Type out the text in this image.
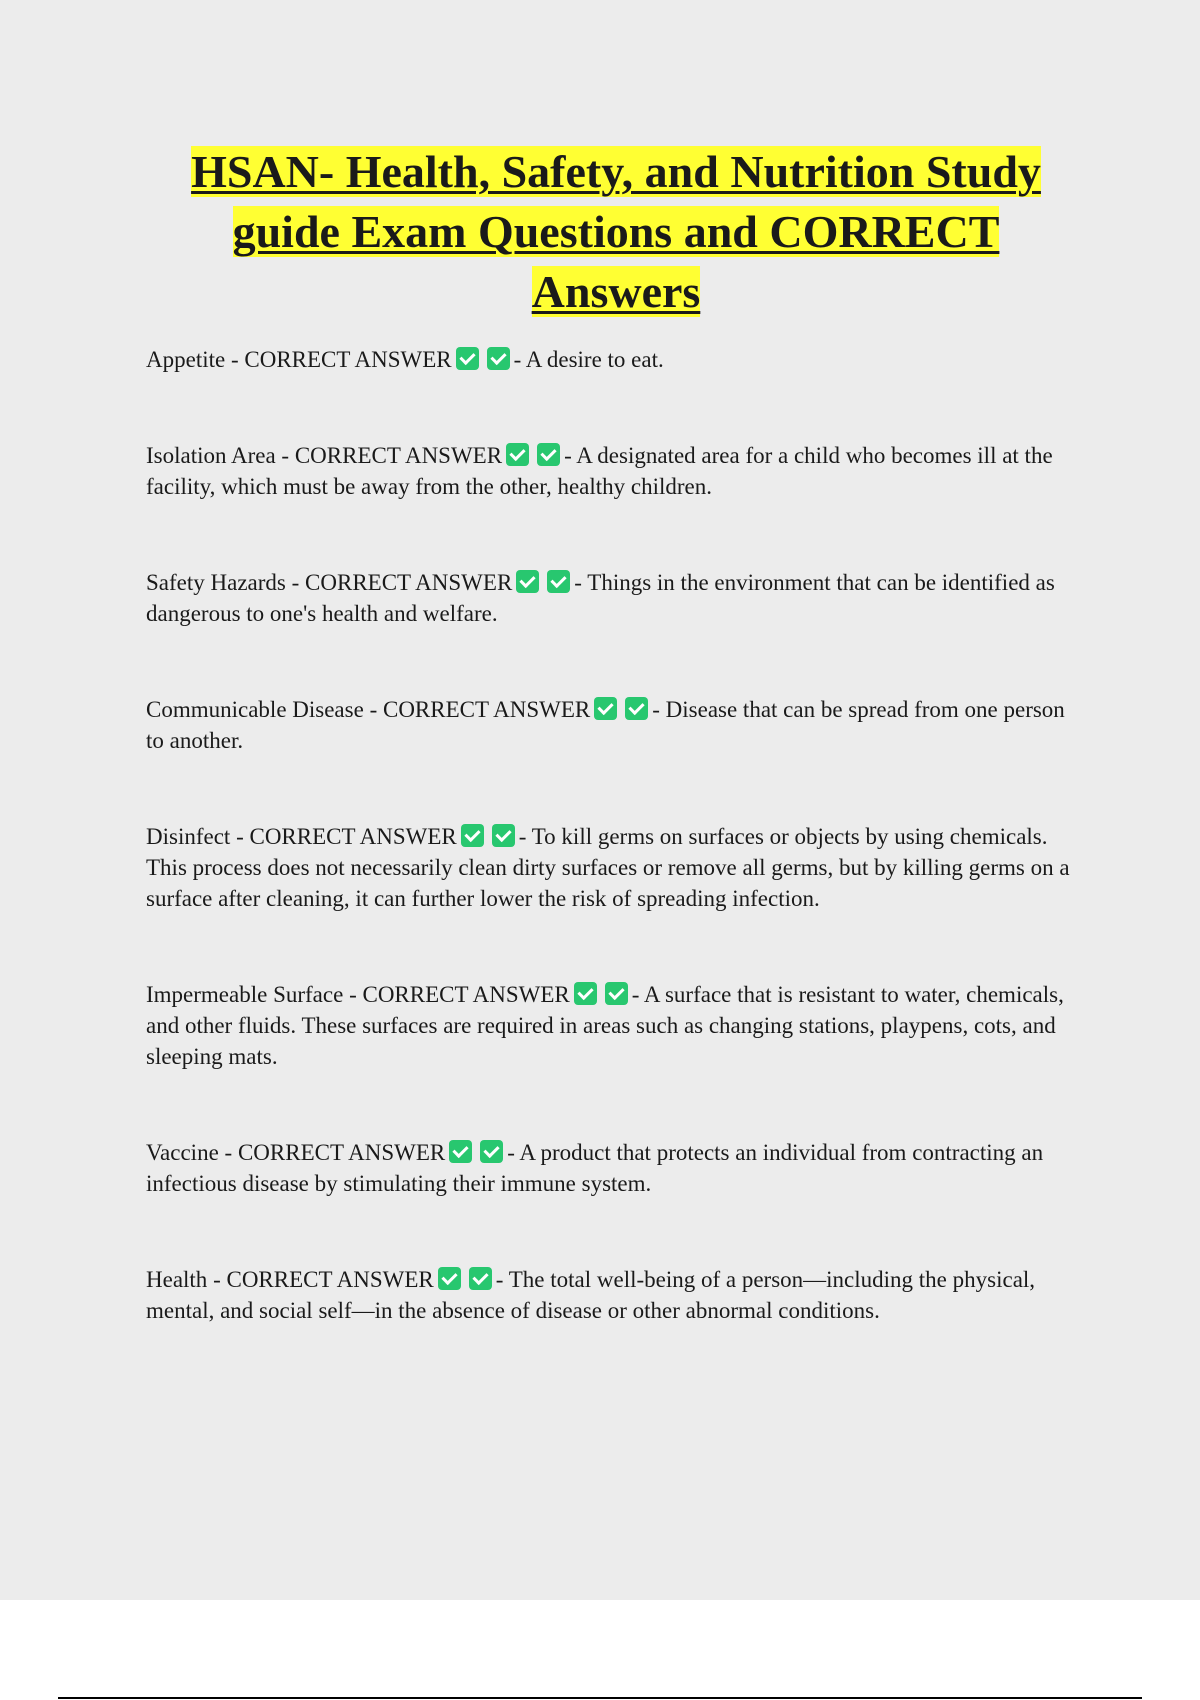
HSAN- Health, Safety, and Nutrition Study guide Exam Questions and CORRECT Answers

Appetite - CORRECT ANSWER	- A desire to eat.

Isolation Area - CORRECT ANSWER	- A designated area for a child who becomes ill at the facility, which must be away from the other, healthy children.

Safety Hazards - CORRECT ANSWER	- Things in the environment that can be identified as dangerous to one's health and welfare.

Communicable Disease - CORRECT ANSWER	- Disease that can be spread from one person to another.

Disinfect - CORRECT ANSWER	- To kill germs on surfaces or objects by using chemicals. This process does not necessarily clean dirty surfaces or remove all germs, but by killing germs on a surface after cleaning, it can further lower the risk of spreading infection.

Impermeable Surface - CORRECT ANSWER	- A surface that is resistant to water, chemicals, and other fluids. These surfaces are required in areas such as changing stations, playpens, cots, and sleeping mats.

Vaccine - CORRECT ANSWER	- A product that protects an individual from contracting an infectious disease by stimulating their immune system.

Health - CORRECT ANSWER	- The total well-being of a person—including the physical, mental, and social self—in the absence of disease or other abnormal conditions.
